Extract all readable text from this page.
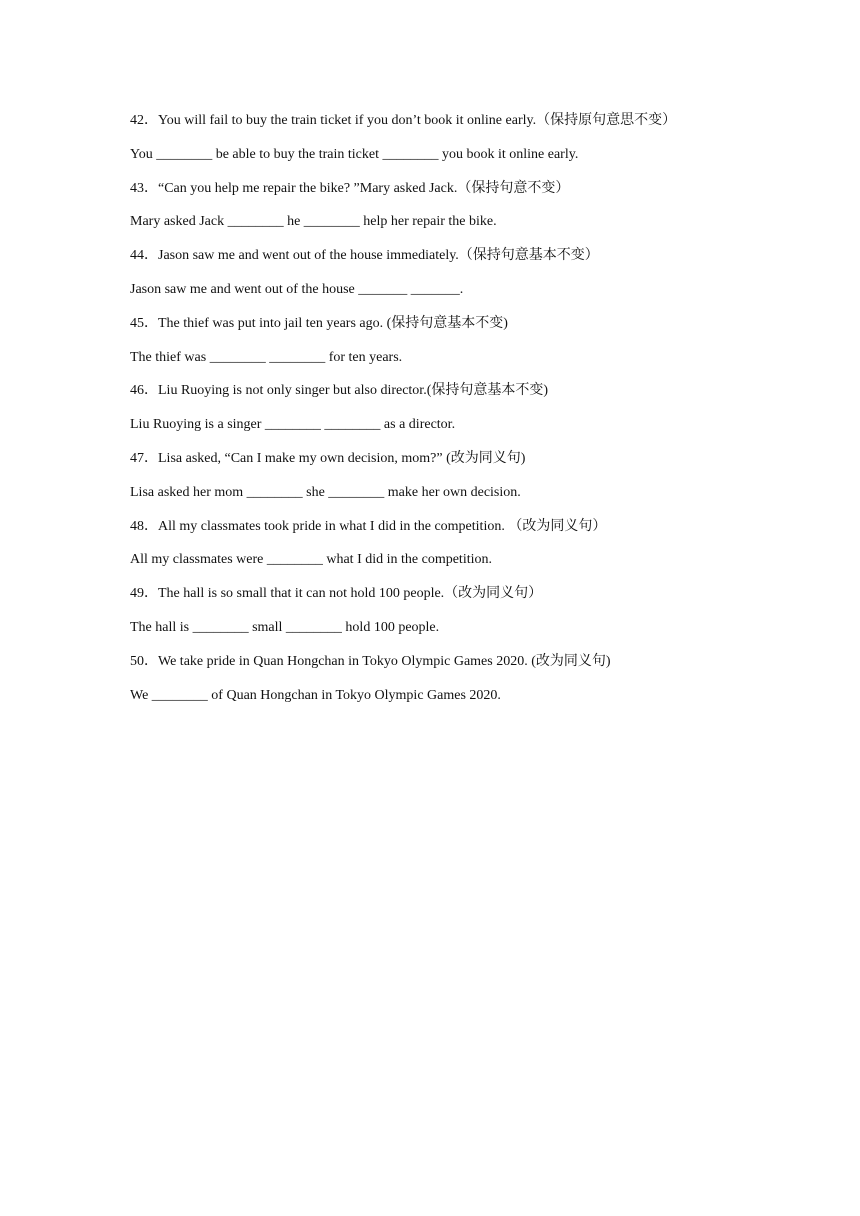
42．You will fail to buy the train ticket if you don’t book it online early.（保持原句意思不变）
You ________ be able to buy the train ticket ________ you book it online early.
43．“Can you help me repair the bike? ”Mary asked Jack.（保持句意不变）
Mary asked Jack ________ he ________ help her repair the bike.
44．Jason saw me and went out of the house immediately.（保持句意基本不变）
Jason saw me and went out of the house _______ _______.
45．The thief was put into jail ten years ago. (保持句意基本不变)
The thief was ________ ________ for ten years.
46．Liu Ruoying is not only singer but also director.(保持句意基本不变)
Liu Ruoying is a singer ________ ________ as a director.
47．Lisa asked, “Can I make my own decision, mom?” (改为同义句)
Lisa asked her mom ________ she ________ make her own decision.
48．All my classmates took pride in what I did in the competition. （改为同义句）
All my classmates were ________ what I did in the competition.
49．The hall is so small that it can not hold 100 people.（改为同义句）
The hall is ________ small ________ hold 100 people.
50．We take pride in Quan Hongchan in Tokyo Olympic Games 2020. (改为同义句)
We ________ of Quan Hongchan in Tokyo Olympic Games 2020.
